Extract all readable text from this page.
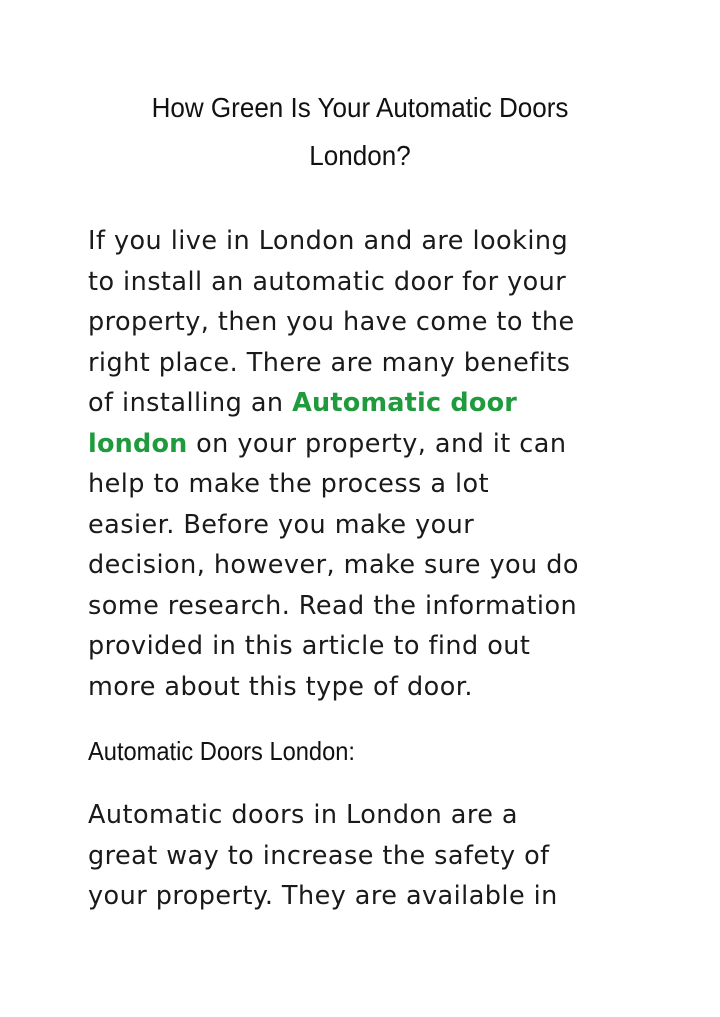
How Green Is Your Automatic Doors
London?

If you live in London and are looking
to install an automatic door for your
property, then you have come to the
right place. There are many benefits
of installing an Automatic door
london on your property, and it can
help to make the process a lot
easier. Before you make your
decision, however, make sure you do
some research. Read the information
provided in this article to find out
more about this type of door.

Automatic Doors London:

Automatic doors in London are a
great way to increase the safety of
your property. They are available in
